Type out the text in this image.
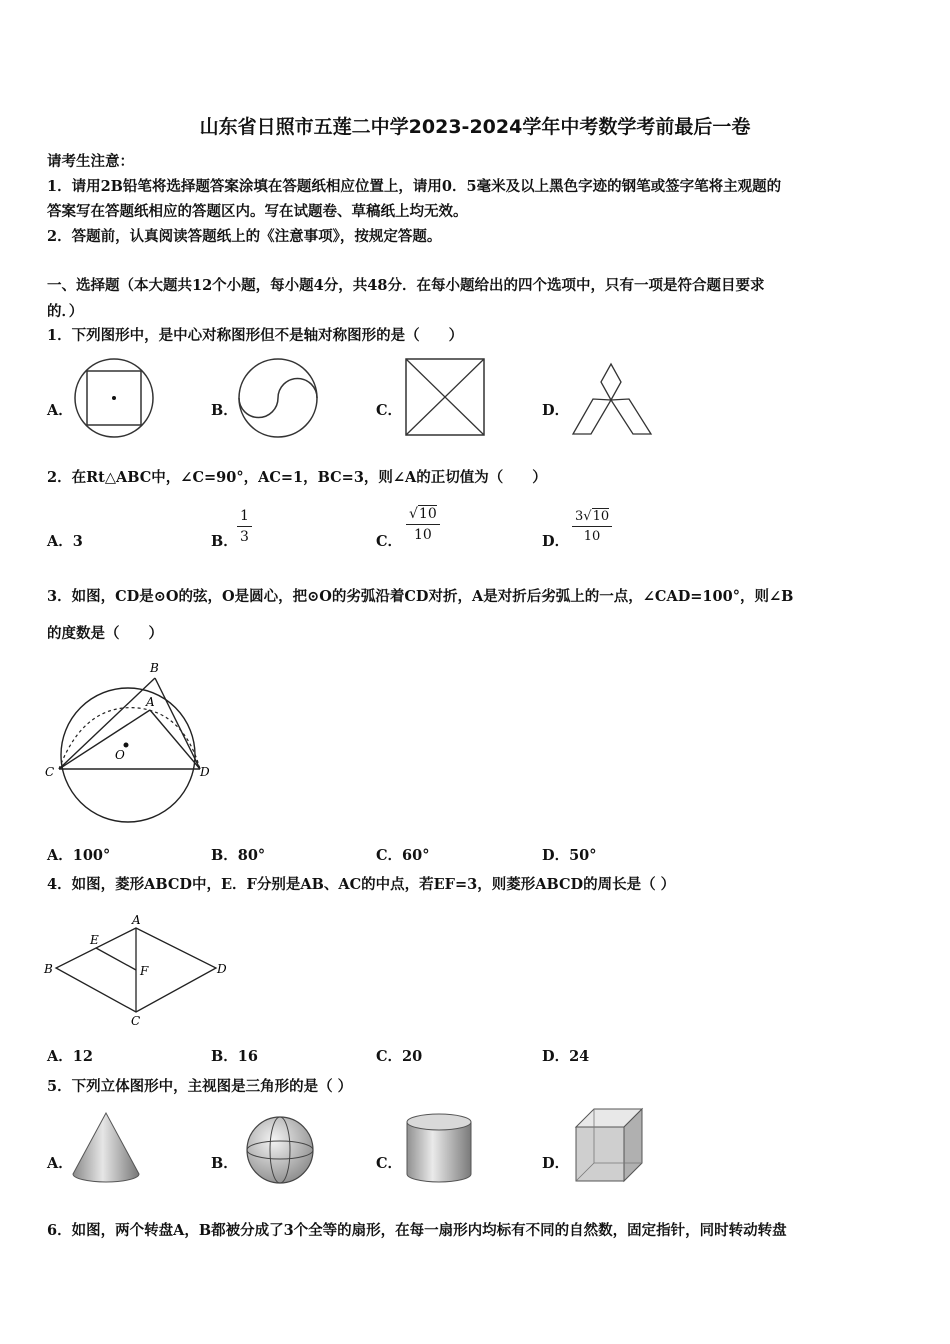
山东省日照市五莲二中学2023-2024学年中考数学考前最后一卷
请考生注意：
1．请用2B铅笔将选择题答案涂填在答题纸相应位置上，请用0．5毫米及以上黑色字迹的钢笔或签字笔将主观题的
答案写在答题纸相应的答题区内。写在试题卷、草稿纸上均无效。
2．答题前，认真阅读答题纸上的《注意事项》，按规定答题。
一、选择题（本大题共12个小题，每小题4分，共48分．在每小题给出的四个选项中，只有一项是符合题目要求
的．）
1．下列图形中，是中心对称图形但不是轴对称图形的是（　　）
A．	B．	C．	D．
2．在Rt△ABC中，∠C=90°，AC=1，BC=3，则∠A的正切值为（　　）
A．3	B． $\frac{1}{3}$	C． $\frac{√10}{10}$	D． $\frac{3√10}{10}$
3．如图，CD是⊙O的弦，O是圆心，把⊙O的劣弧沿着CD对折，A是对折后劣弧上的一点，∠CAD=100°，则∠B
的度数是（　　）
B
A
O
C	D
A．100°	B．80°	C．60°	D．50°
4．如图，菱形ABCD中，E．F分别是AB、AC的中点，若EF=3，则菱形ABCD的周长是（ ）
A
B
C
D
E
F
A．12	B．16	C．20	D．24
5．下列立体图形中，主视图是三角形的是（ ）
A．	B．	C．	D．
6．如图，两个转盘A，B都被分成了3个全等的扇形，在每一扇形内均标有不同的自然数，固定指针，同时转动转盘
